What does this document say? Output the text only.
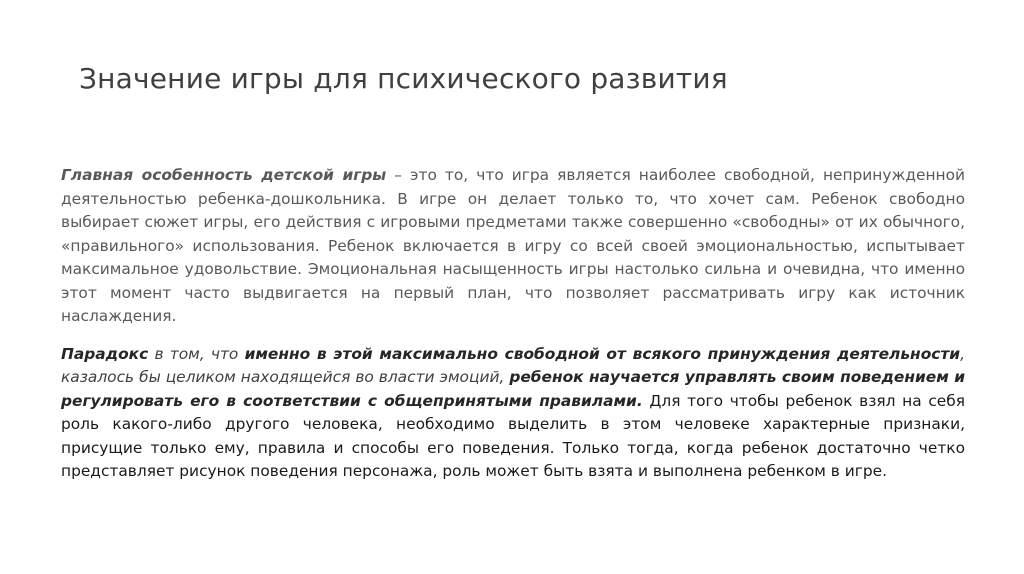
Значение игры для психического развития

Главная особенность детской игры – это то, что игра является наиболее свободной, непринужденной деятельностью ребенка-дошкольника. В игре он делает только то, что хочет сам. Ребенок свободно выбирает сюжет игры, его действия с игровыми предметами также совершенно «свободны» от их обычного, «правильного» использования. Ребенок включается в игру со всей своей эмоциональностью, испытывает максимальное удовольствие. Эмоциональная насыщенность игры настолько сильна и очевидна, что именно этот момент часто выдвигается на первый план, что позволяет рассматривать игру как источник наслаждения.

Парадокс в том, что именно в этой максимально свободной от всякого принуждения деятельности, казалось бы целиком находящейся во власти эмоций, ребенок научается управлять своим поведением и регулировать его в соответствии с общепринятыми правилами. Для того чтобы ребенок взял на себя роль какого-либо другого человека, необходимо выделить в этом человеке характерные признаки, присущие только ему, правила и способы его поведения. Только тогда, когда ребенок достаточно четко представляет рисунок поведения персонажа, роль может быть взята и выполнена ребенком в игре.
